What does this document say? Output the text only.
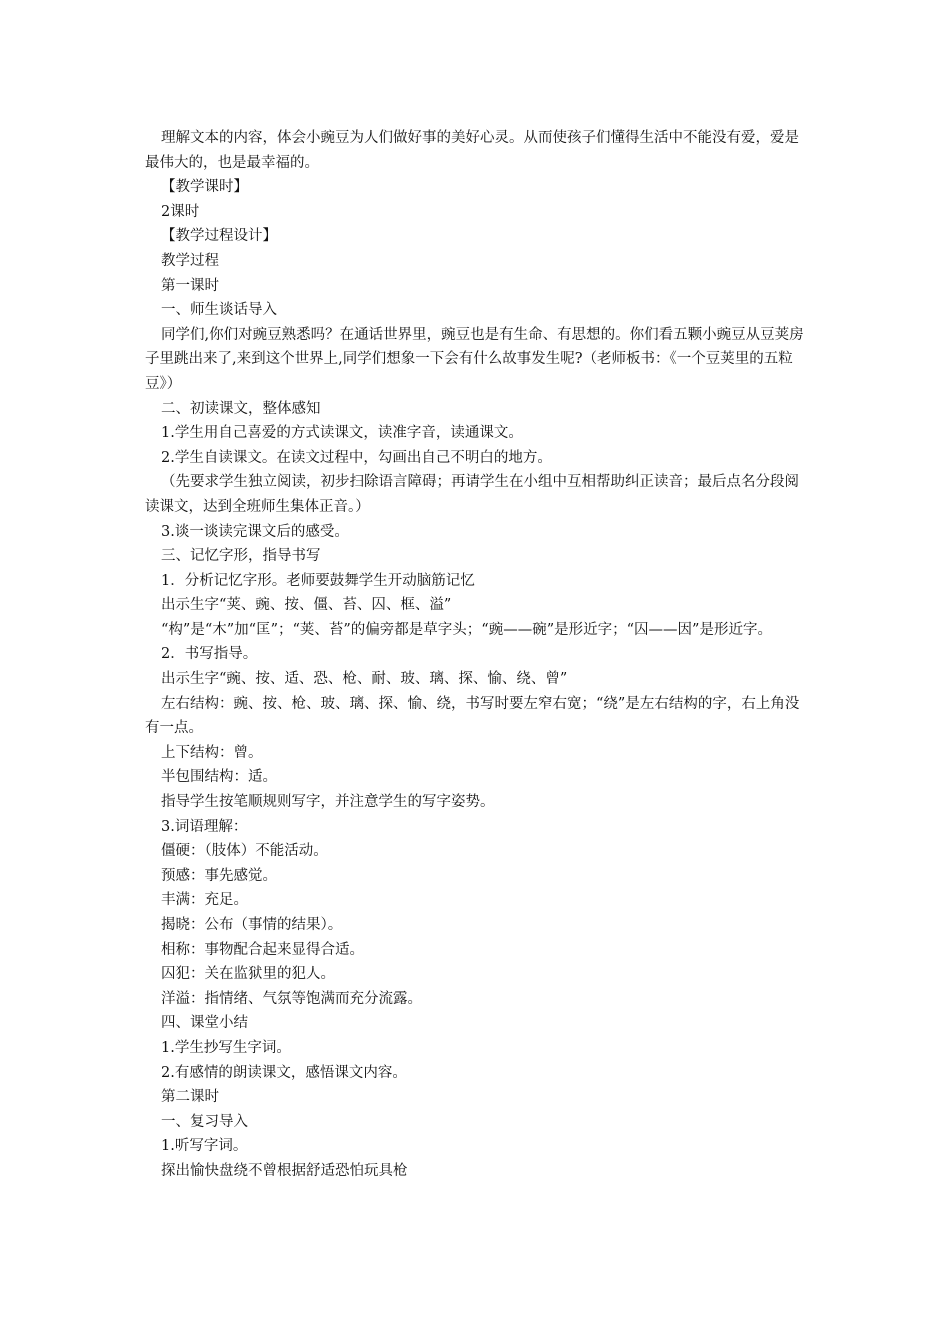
理解文本的内容，体会小豌豆为人们做好事的美好心灵。从而使孩子们懂得生活中不能没有爱，爱是最伟大的，也是最幸福的。

【教学课时】

2课时

【教学过程设计】

教学过程

第一课时

一、师生谈话导入

同学们,你们对豌豆熟悉吗？在通话世界里，豌豆也是有生命、有思想的。你们看五颗小豌豆从豆荚房子里跳出来了,来到这个世界上,同学们想象一下会有什么故事发生呢?（老师板书：《一个豆荚里的五粒豆》）

二、初读课文，整体感知

1.学生用自己喜爱的方式读课文，读准字音，读通课文。

2.学生自读课文。在读文过程中，勾画出自己不明白的地方。

（先要求学生独立阅读，初步扫除语言障碍；再请学生在小组中互相帮助纠正读音；最后点名分段阅读课文，达到全班师生集体正音。）

3.谈一谈读完课文后的感受。

三、记忆字形，指导书写

1．分析记忆字形。老师要鼓舞学生开动脑筋记忆

出示生字“荚、豌、按、僵、苔、囚、框、溢”

“构”是“木”加“匡”；“荚、苔”的偏旁都是草字头；“豌——碗”是形近字；“囚——因”是形近字。

2．书写指导。

出示生字“豌、按、适、恐、枪、耐、玻、璃、探、愉、绕、曾”

左右结构：豌、按、枪、玻、璃、探、愉、绕，书写时要左窄右宽；“绕”是左右结构的字，右上角没有一点。

上下结构：曾。

半包围结构：适。

指导学生按笔顺规则写字，并注意学生的写字姿势。

3.词语理解：

僵硬：（肢体）不能活动。

预感：事先感觉。

丰满：充足。

揭晓：公布（事情的结果）。

相称：事物配合起来显得合适。

囚犯：关在监狱里的犯人。

洋溢：指情绪、气氛等饱满而充分流露。

四、课堂小结

1.学生抄写生字词。

2.有感情的朗读课文，感悟课文内容。

第二课时

一、复习导入

1.听写字词。

探出愉快盘绕不曾根据舒适恐怕玩具枪
